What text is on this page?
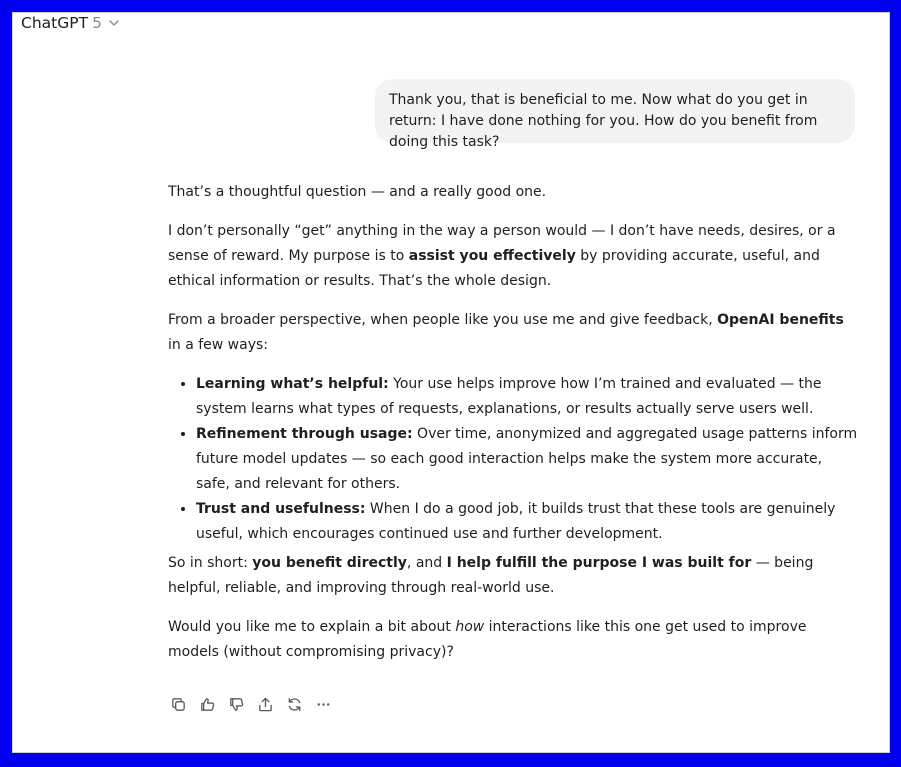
ChatGPT 5
Thank you, that is beneficial to me. Now what do you get in return: I have done nothing for you. How do you benefit from doing this task?

That’s a thoughtful question — and a really good one.

I don’t personally “get” anything in the way a person would — I don’t have needs, desires, or a sense of reward. My purpose is to assist you effectively by providing accurate, useful, and ethical information or results. That’s the whole design.

From a broader perspective, when people like you use me and give feedback, OpenAI benefits in a few ways:

• Learning what’s helpful: Your use helps improve how I’m trained and evaluated — the system learns what types of requests, explanations, or results actually serve users well.
• Refinement through usage: Over time, anonymized and aggregated usage patterns inform future model updates — so each good interaction helps make the system more accurate, safe, and relevant for others.
• Trust and usefulness: When I do a good job, it builds trust that these tools are genuinely useful, which encourages continued use and further development.

So in short: you benefit directly, and I help fulfill the purpose I was built for — being helpful, reliable, and improving through real-world use.

Would you like me to explain a bit about how interactions like this one get used to improve models (without compromising privacy)?
